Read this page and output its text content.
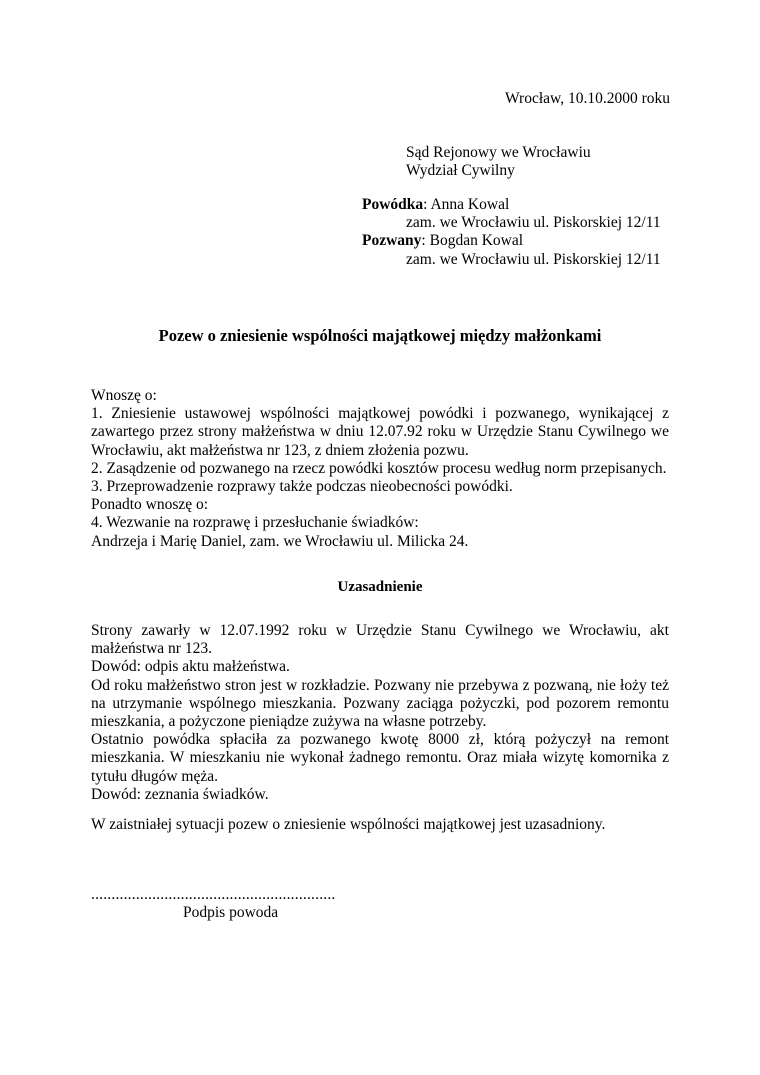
Wrocław, 10.10.2000 roku

Sąd Rejonowy we Wrocławiu

Wydział Cywilny

Powódka: Anna Kowal

zam. we Wrocławiu ul. Piskorskiej 12/11

Pozwany: Bogdan Kowal

zam. we Wrocławiu ul. Piskorskiej 12/11

Pozew o zniesienie wspólności majątkowej między małżonkami

Wnoszę o:

1. Zniesienie ustawowej wspólności majątkowej powódki i pozwanego, wynikającej z zawartego przez strony małżeństwa w dniu 12.07.92 roku w Urzędzie Stanu Cywilnego we Wrocławiu, akt małżeństwa nr 123, z dniem złożenia pozwu.

2. Zasądzenie od pozwanego na rzecz powódki kosztów procesu według norm przepisanych.

3. Przeprowadzenie rozprawy także podczas nieobecności powódki.

Ponadto wnoszę o:

4. Wezwanie na rozprawę i przesłuchanie świadków:

Andrzeja i Marię Daniel, zam. we Wrocławiu ul. Milicka 24.

Uzasadnienie

Strony zawarły w 12.07.1992 roku w Urzędzie Stanu Cywilnego we Wrocławiu, akt małżeństwa nr 123.

Dowód: odpis aktu małżeństwa.

Od roku małżeństwo stron jest w rozkładzie. Pozwany nie przebywa z pozwaną, nie łoży też na utrzymanie wspólnego mieszkania. Pozwany zaciąga pożyczki, pod pozorem remontu mieszkania, a pożyczone pieniądze zużywa na własne potrzeby.

Ostatnio powódka spłaciła za pozwanego kwotę 8000 zł, którą pożyczył na remont mieszkania. W mieszkaniu nie wykonał żadnego remontu. Oraz miała wizytę komornika z tytułu długów męża.

Dowód: zeznania świadków.

W zaistniałej sytuacji pozew o zniesienie wspólności majątkowej jest uzasadniony.
............................................................
Podpis powoda
